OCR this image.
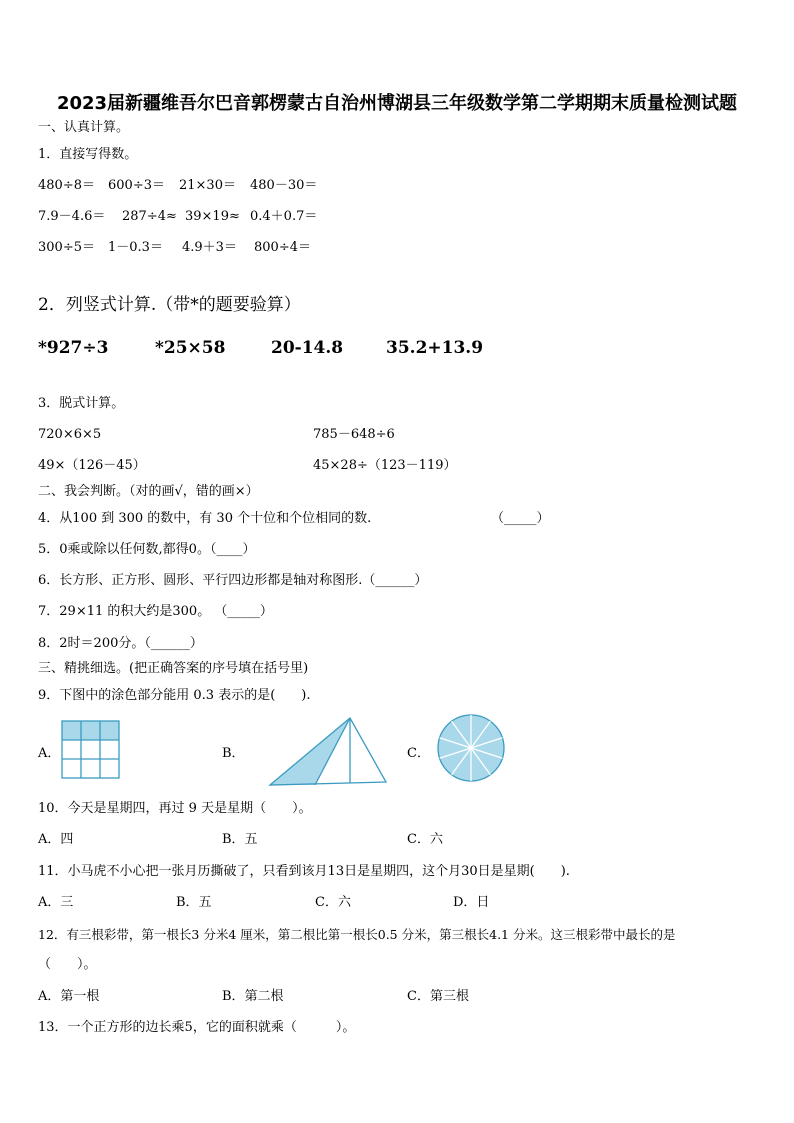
2023届新疆维吾尔巴音郭楞蒙古自治州博湖县三年级数学第二学期期末质量检测试题
一、认真计算。
1．直接写得数。
480÷8＝ 600÷3＝ 21×30＝ 480－30＝
7.9－4.6＝ 287÷4≈ 39×19≈ 0.4＋0.7＝
300÷5＝ 1－0.3＝ 4.9＋3＝ 800÷4＝
2．列竖式计算.（带*的题要验算）
*927÷3	*25×58	20-14.8	35.2+13.9
3．脱式计算。
720×6×5	785－648÷6
49×（126－45）	45×28÷（123－119）
二、我会判断。（对的画√，错的画×）
4．从100 到 300 的数中，有 30 个十位和个位相同的数.	（_____）
5．0乘或除以任何数,都得0。（____）
6．长方形、正方形、圆形、平行四边形都是轴对称图形.（______）
7．29×11 的积大约是300。 （_____）
8．2时＝200分。（______）
三、精挑细选。(把正确答案的序号填在括号里)
9．下图中的涂色部分能用 0.3 表示的是(　　).
A．	B．	C．
10．今天是星期四，再过 9 天是星期（　　）。
A．四	B．五	C．六
11．小马虎不小心把一张月历撕破了，只看到该月13日是星期四，这个月30日是星期(　　).
A．三	B．五	C．六	D．日
12．有三根彩带，第一根长3 分米4 厘米，第二根比第一根长0.5 分米，第三根长4.1 分米。这三根彩带中最长的是
（　　）。
A．第一根	B．第二根	C．第三根
13．一个正方形的边长乘5，它的面积就乘（　　　）。
